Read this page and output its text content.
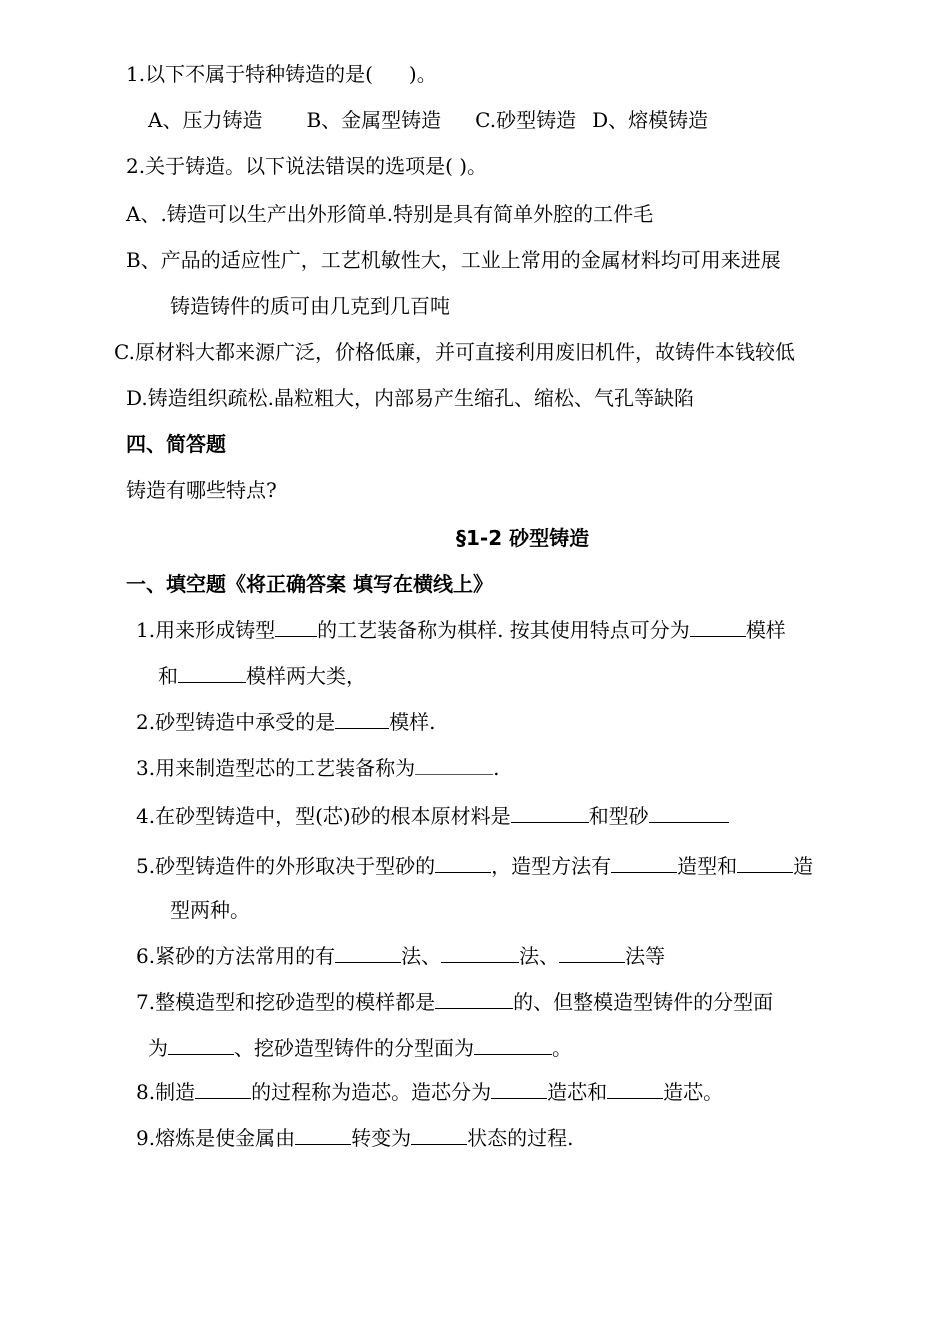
1.以下不属于特种铸造的是( )。
A、压力铸造 B、金属型铸造 C.砂型铸造 D、熔模铸造
2.关于铸造。以下说法错误的选项是( )。
A、.铸造可以生产出外形简单.特别是具有简单外腔的工件毛
B、产品的适应性广，工艺机敏性大，工业上常用的金属材料均可用来进展
铸造铸件的质可由几克到几百吨
C.原材料大都来源广泛，价格低廉，并可直接利用废旧机件，故铸件本钱较低
D.铸造组织疏松.晶粒粗大，内部易产生缩孔、缩松、气孔等缺陷
四、简答题
铸造有哪些特点?
§1-2 砂型铸造
一、填空题《将正确答案 填写在横线上》
1.用来形成铸型 的工艺装备称为棋样. 按其使用特点可分为	模样
和	模样两大类，
2.砂型铸造中承受的是	模样.
3.用来制造型芯的工艺装备称为	.
4.在砂型铸造中，型(芯)砂的根本原材料是	和型砂
5.砂型铸造件的外形取决于型砂的	，造型方法有	造型和	造
型两种。
6.紧砂的方法常用的有	法、	法、	法等
7.整模造型和挖砂造型的模样都是	的、但整模造型铸件的分型面
为	、挖砂造型铸件的分型面为	。
8.制造	的过程称为造芯。造芯分为	造芯和	造芯。
9.熔炼是使金属由	转变为	状态的过程.
